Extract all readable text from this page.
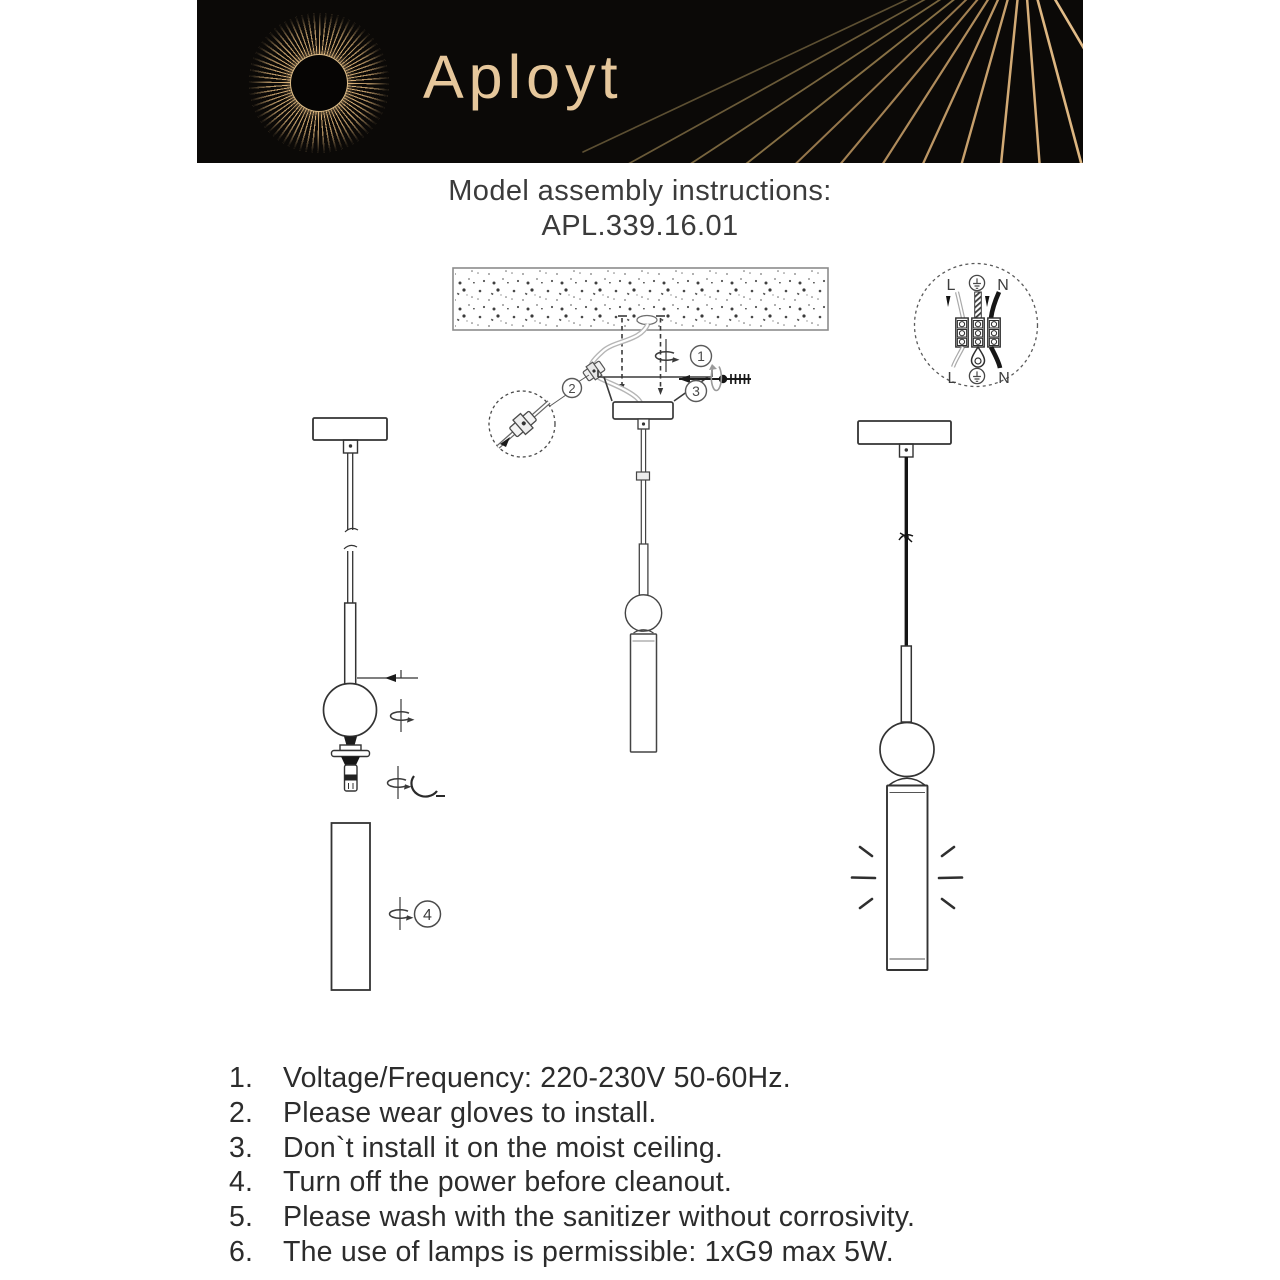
Aployt
Model assembly instructions:
APL.339.16.01
1
3
2
L	N
L	N
4
1.	Voltage/Frequency: 220-230V 50-60Hz.
2.	Please wear gloves to install.
3.	Don`t install it on the moist ceiling.
4.	Turn off the power before cleanout.
5.	Please wash with the sanitizer without corrosivity.
6.	The use of lamps is permissible: 1xG9 max 5W.
